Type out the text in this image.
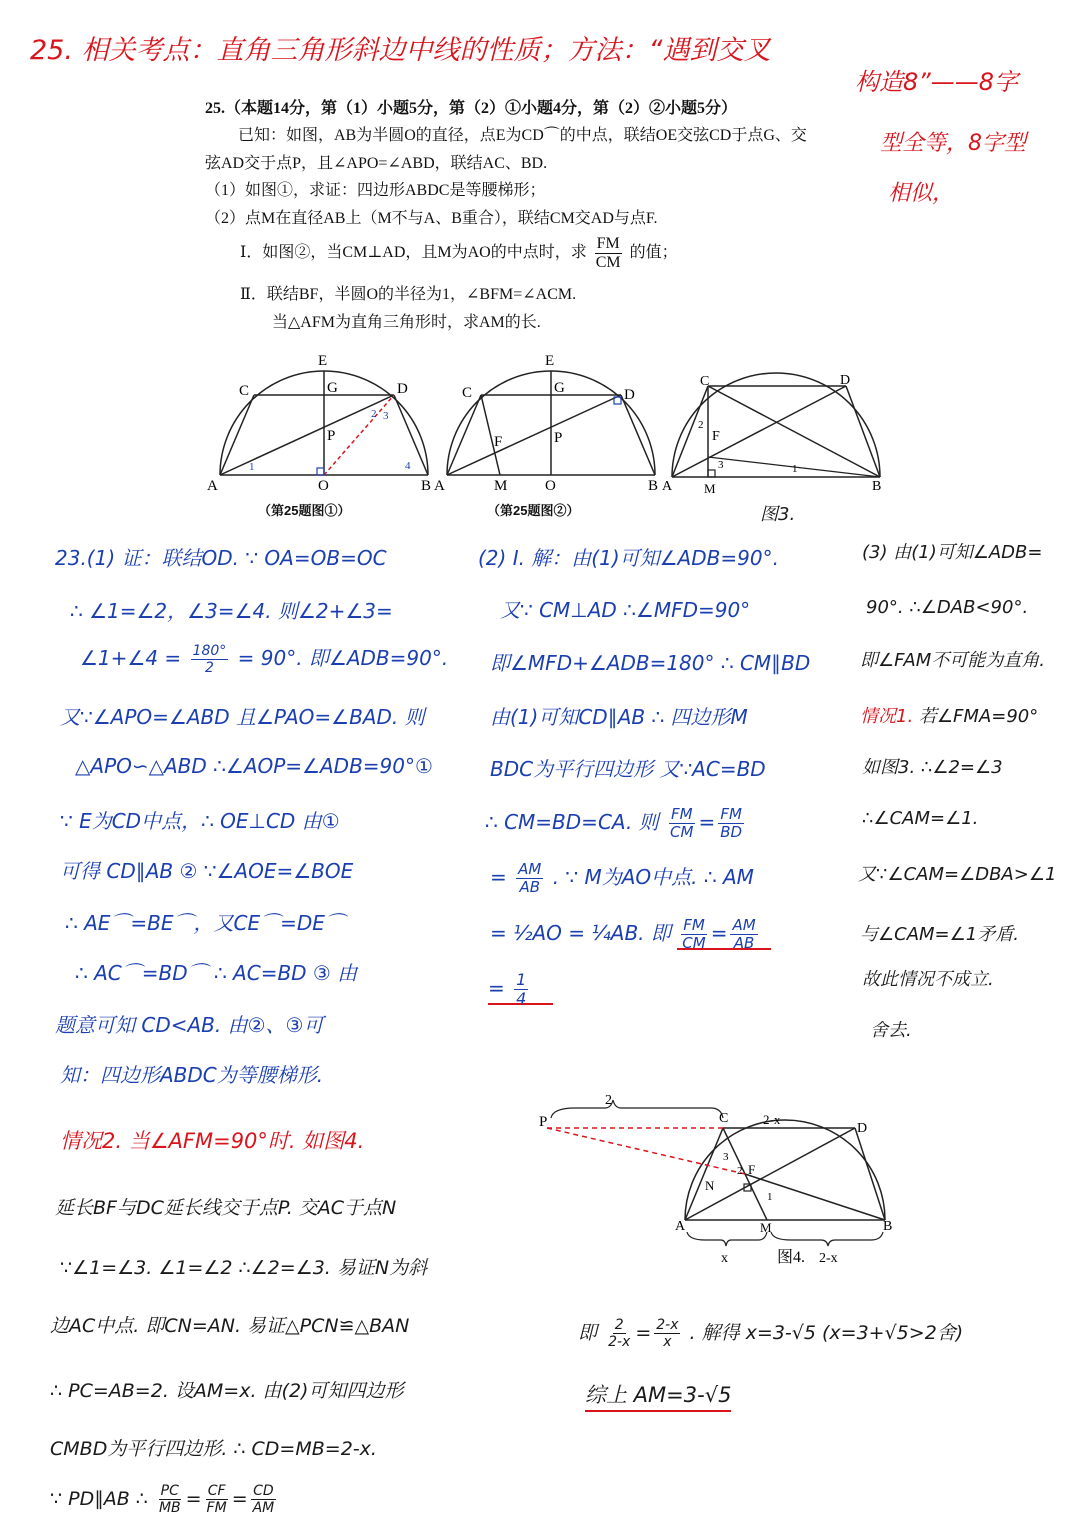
25. 相关考点：直角三角形斜边中线的性质；方法：“遇到交叉
构造8”——8字
型全等，8字型
相似，
25.（本题14分，第（1）小题5分，第（2）①小题4分，第（2）②小题5分）
已知：如图，AB为半圆O的直径，点E为CD⌒的中点，联结OE交弦CD于点G、交
弦AD交于点P，且∠APO=∠ABD，联结AC、BD.
（1）如图①，求证：四边形ABDC是等腰梯形；
（2）点M在直径AB上（M不与A、B重合），联结CM交AD与点F.
Ⅰ．如图②，当CM⊥AD，且M为AO的中点时，求 $\frac{FM}{CM}$ 的值；
Ⅱ．联结BF，半圆O的半径为1，∠BFM=∠ACM.
当△AFM为直角三角形时，求AM的长.
A	B
C	D
E
G
P
O
1
2 3
4
（第25题图①）
A	B
C	D
E
G
P
F
M	O
（第25题图②）
C	D
A	B
F
M
2
3	1
图3.
23.(1) 证：联结OD. ∵ OA=OB=OC
∴ ∠1=∠2，∠3=∠4. 则∠2+∠3=
∠1+∠4 = $\frac{180^\circ}{2} = 90^\circ$. 即∠ADB=90°.
又∵∠APO=∠ABD 且∠PAO=∠BAD. 则
△APO∽△ABD ∴∠AOP=∠ADB=90°①
∵ E为CD中点，∴ OE⊥CD 由①
可得 CD∥AB ② ∵∠AOE=∠BOE
∴ AE⌒=BE⌒，又CE⌒=DE⌒
∴ AC⌒=BD⌒ ∴ AC=BD ③ 由
题意可知 CD<AB. 由②、③可
知：四边形ABDC为等腰梯形.
(2) Ⅰ. 解：由(1)可知∠ADB=90°.
又∵ CM⊥AD ∴∠MFD=90°
即∠MFD+∠ADB=180° ∴ CM∥BD
由(1)可知CD∥AB ∴ 四边形M
BDC为平行四边形 又∵AC=BD
∴ CM=BD=CA. 则 $\frac{FM}{CM} = \frac{FM}{BD}$
= $\frac{AM}{AB}$ . ∵ M为AO中点. ∴ AM
= ½AO = ¼AB. 即 $\frac{FM}{CM} = \frac{AM}{AB}$
= $\frac{1}{4}$
(3) 由(1)可知∠ADB=
90°. ∴∠DAB<90°.
即∠FAM不可能为直角.
情况1. 若∠FMA=90°
如图3. ∴∠2=∠3
∴∠CAM=∠1.
又∵∠CAM=∠DBA>∠1
与∠CAM=∠1矛盾.
故此情况不成立.
舍去.
情况2. 当∠AFM=90°时. 如图4.
延长BF与DC延长线交于点P. 交AC于点N
∵∠1=∠3. ∠1=∠2 ∴∠2=∠3. 易证N为斜
边AC中点. 即CN=AN. 易证△PCN≌△BAN
∴ PC=AB=2. 设AM=x. 由(2)可知四边形
CMBD为平行四边形. ∴ CD=MB=2-x.
∵ PD∥AB ∴ $\frac{PC}{MB} = \frac{CF}{FM} = \frac{CD}{AM}$
P	C
D
A	B
F
N
M
3
2
1
2
2-x
x	2-x
图4.
即 $\frac{2}{2-x} = \frac{2-x}{x}$ . 解得 x=3-√5 (x=3+√5>2舍)
综上 AM=3-√5
